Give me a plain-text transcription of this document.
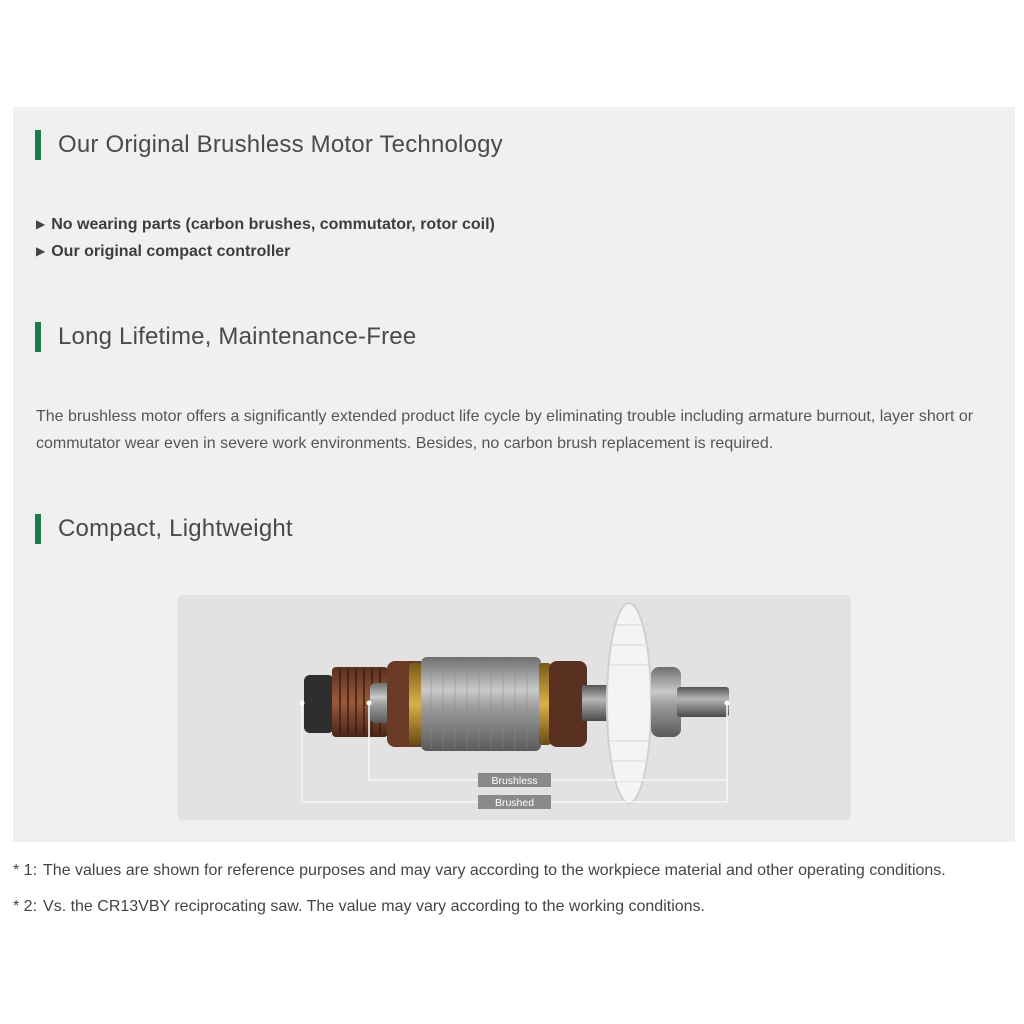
Our Original Brushless Motor Technology
▶ No wearing parts (carbon brushes, commutator, rotor coil)
▶ Our original compact controller
Long Lifetime, Maintenance-Free
The brushless motor offers a significantly extended product life cycle by eliminating trouble including armature burnout, layer short or commutator wear even in severe work environments. Besides, no carbon brush replacement is required.
Compact, Lightweight
Brushless
Brushed
* 1: The values are shown for reference purposes and may vary according to the workpiece material and other operating conditions.
* 2: Vs. the CR13VBY reciprocating saw. The value may vary according to the working conditions.
